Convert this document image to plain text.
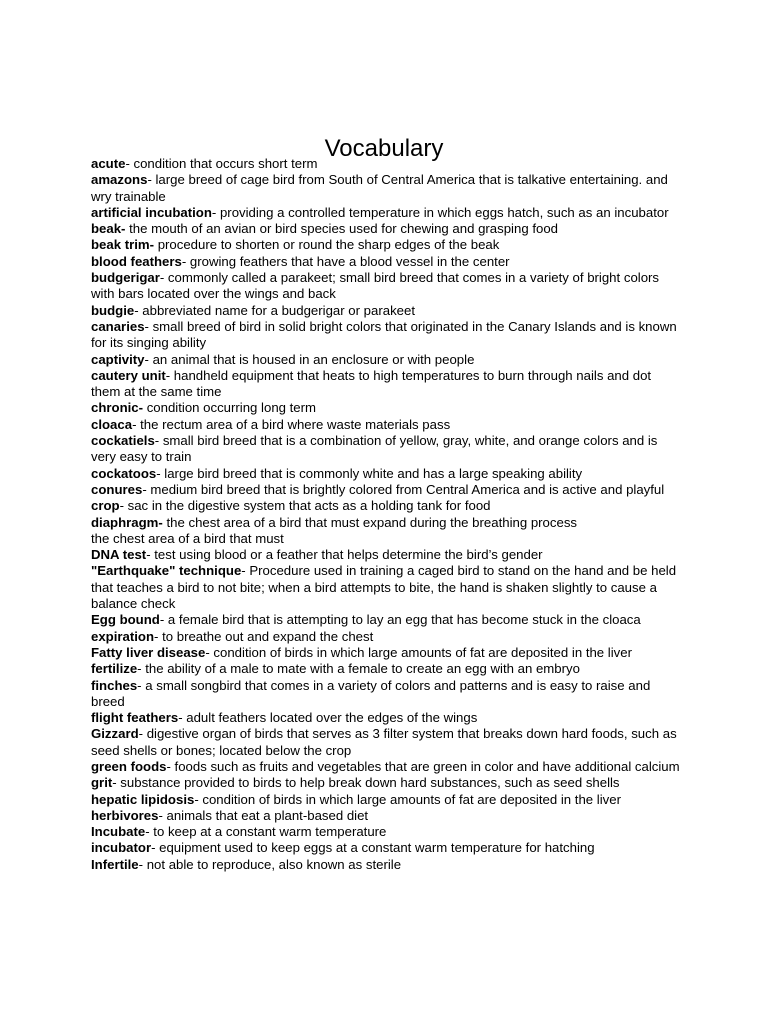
Vocabulary

acute- condition that occurs short term

amazons- large breed of cage bird from South of Central America that is talkative entertaining. and wry trainable

artificial incubation- providing a controlled temperature in which eggs hatch, such as an incubator

beak- the mouth of an avian or bird species used for chewing and grasping food

beak trim- procedure to shorten or round the sharp edges of the beak

blood feathers- growing feathers that have a blood vessel in the center

budgerigar- commonly called a parakeet; small bird breed that comes in a variety of bright colors with bars located over the wings and back

budgie- abbreviated name for a budgerigar or parakeet

canaries- small breed of bird in solid bright colors that originated in the Canary Islands and is known for its singing ability

captivity- an animal that is housed in an enclosure or with people

cautery unit- handheld equipment that heats to high temperatures to burn through nails and dot them at the same time

chronic- condition occurring long term

cloaca- the rectum area of a bird where waste materials pass

cockatiels- small bird breed that is a combination of yellow, gray, white, and orange colors and is very easy to train

cockatoos- large bird breed that is commonly white and has a large speaking ability

conures- medium bird breed that is brightly colored from Central America and is active and playful

crop- sac in the digestive system that acts as a holding tank for food

diaphragm- the chest area of a bird that must expand during the breathing process

the chest area of a bird that must

DNA test- test using blood or a feather that helps determine the bird’s gender

"Earthquake" technique- Procedure used in training a caged bird to stand on the hand and be held that teaches a bird to not bite; when a bird attempts to bite, the hand is shaken slightly to cause a balance check

Egg bound- a female bird that is attempting to lay an egg that has become stuck in the cloaca

expiration- to breathe out and expand the chest

Fatty liver disease- condition of birds in which large amounts of fat are deposited in the liver

fertilize- the ability of a male to mate with a female to create an egg with an embryo

finches- a small songbird that comes in a variety of colors and patterns and is easy to raise and breed

flight feathers- adult feathers located over the edges of the wings

Gizzard- digestive organ of birds that serves as 3 filter system that breaks down hard foods, such as seed shells or bones; located below the crop

green foods- foods such as fruits and vegetables that are green in color and have additional calcium

grit- substance provided to birds to help break down hard substances, such as seed shells

hepatic lipidosis- condition of birds in which large amounts of fat are deposited in the liver

herbivores- animals that eat a plant-based diet

Incubate- to keep at a constant warm temperature

incubator- equipment used to keep eggs at a constant warm temperature for hatching

Infertile- not able to reproduce, also known as sterile
